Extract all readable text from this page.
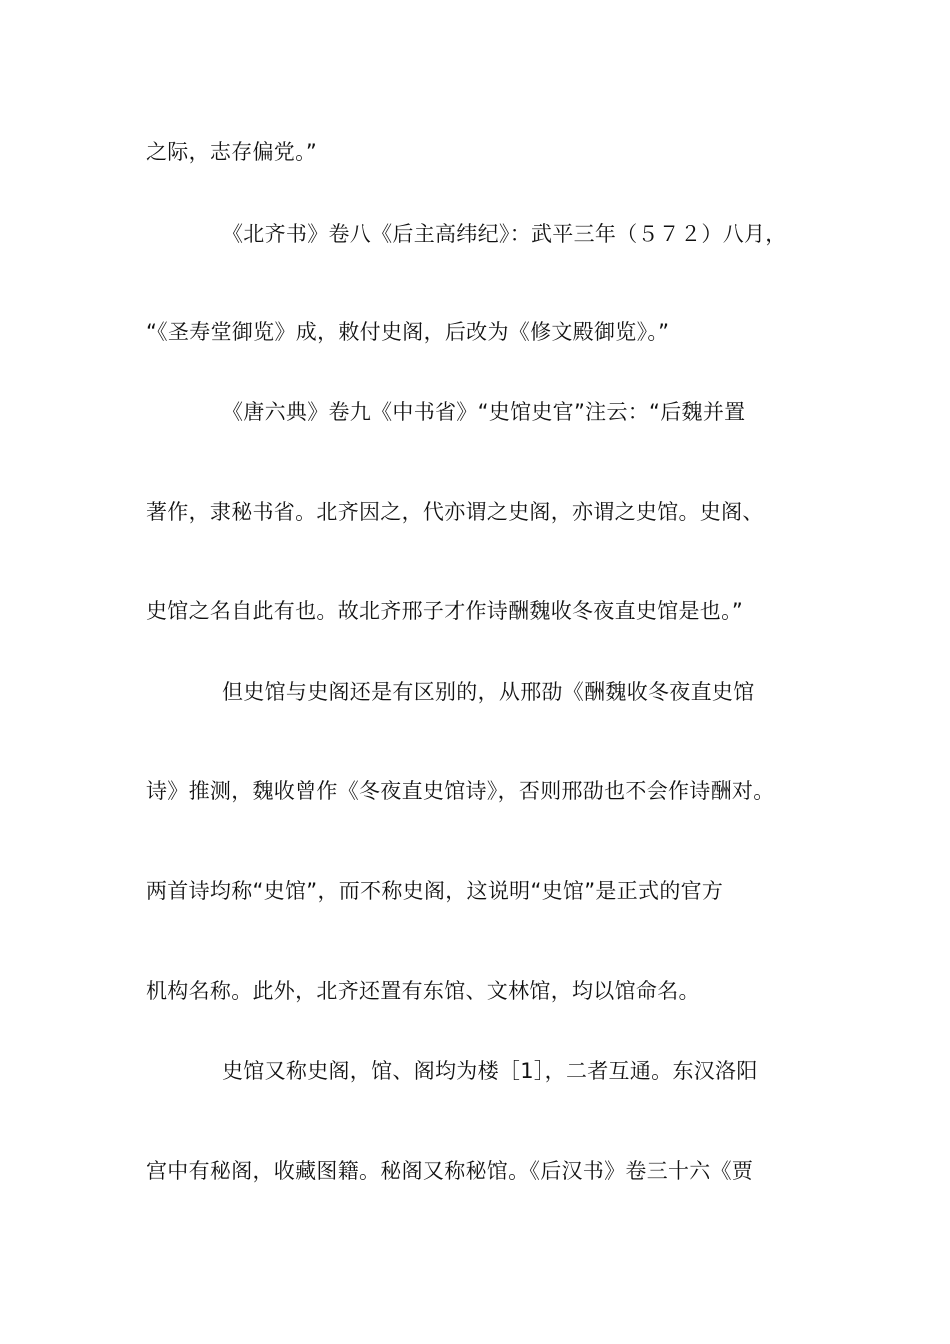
之际，志存偏党。”
《北齐书》卷八《后主高纬纪》：武平三年（５７２）八月，
“《圣寿堂御览》成，敕付史阁，后改为《修文殿御览》。”
《唐六典》卷九《中书省》“史馆史官”注云：“后魏并置
著作，隶秘书省。北齐因之，代亦谓之史阁，亦谓之史馆。史阁、
史馆之名自此有也。故北齐邢子才作诗酬魏收冬夜直史馆是也。”
但史馆与史阁还是有区别的，从邢劭《酬魏收冬夜直史馆
诗》推测，魏收曾作《冬夜直史馆诗》，否则邢劭也不会作诗酬对。
两首诗均称“史馆”，而不称史阁，这说明“史馆”是正式的官方
机构名称。此外，北齐还置有东馆、文林馆，均以馆命名。
史馆又称史阁，馆、阁均为楼［1］，二者互通。东汉洛阳
宫中有秘阁，收藏图籍。秘阁又称秘馆。《后汉书》卷三十六《贾
